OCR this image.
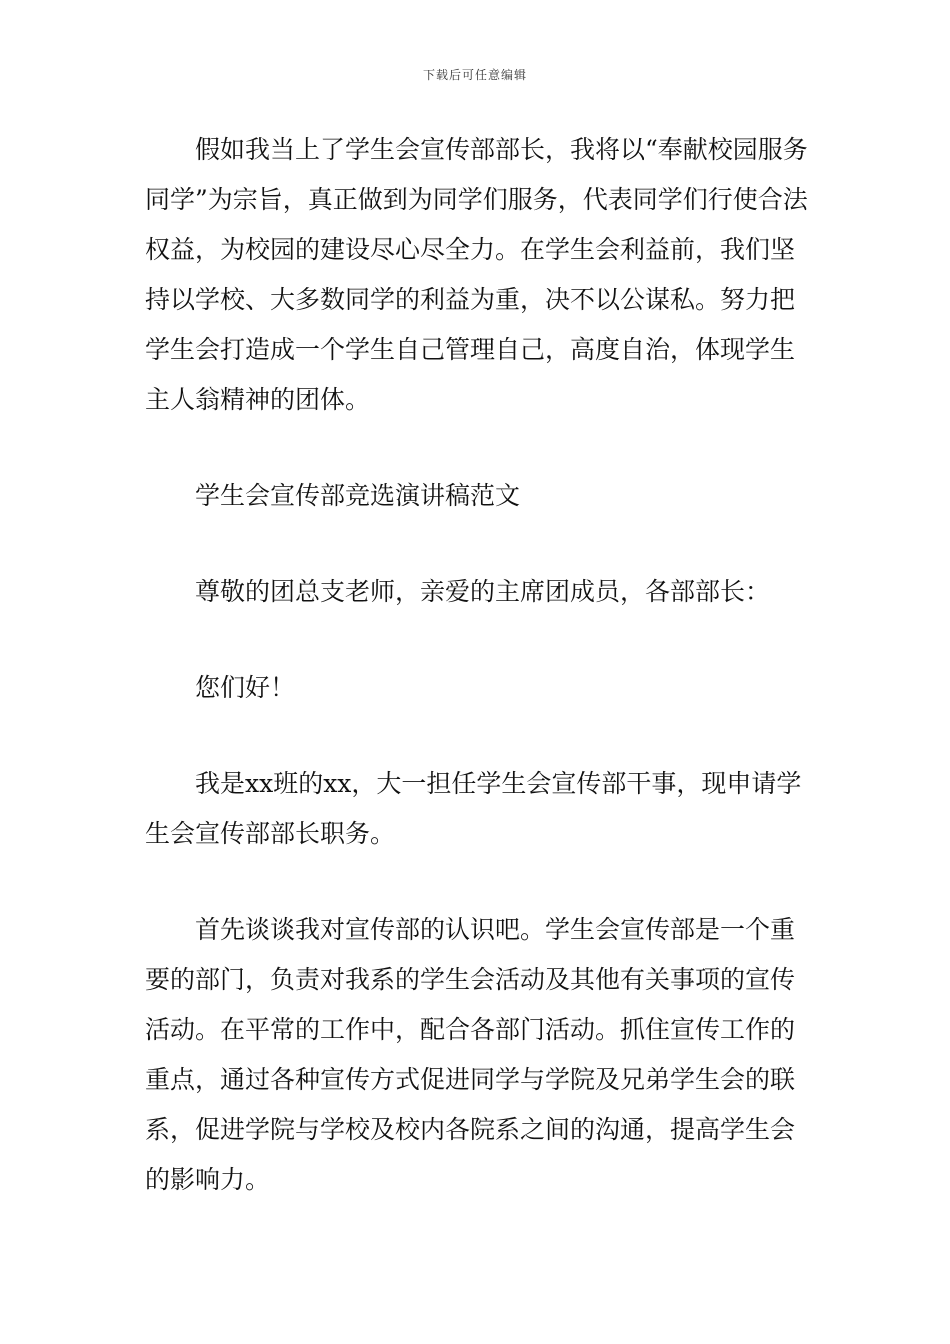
下载后可任意编辑

假如我当上了学生会宣传部部长，我将以“奉献校园服务同学”为宗旨，真正做到为同学们服务，代表同学们行使合法权益，为校园的建设尽心尽全力。在学生会利益前，我们坚持以学校、大多数同学的利益为重，决不以公谋私。努力把学生会打造成一个学生自己管理自己，高度自治，体现学生主人翁精神的团体。

学生会宣传部竞选演讲稿范文

尊敬的团总支老师，亲爱的主席团成员，各部部长：

您们好！

我是xx班的xx，大一担任学生会宣传部干事，现申请学生会宣传部部长职务。

首先谈谈我对宣传部的认识吧。学生会宣传部是一个重要的部门，负责对我系的学生会活动及其他有关事项的宣传活动。在平常的工作中，配合各部门活动。抓住宣传工作的重点，通过各种宣传方式促进同学与学院及兄弟学生会的联系，促进学院与学校及校内各院系之间的沟通，提高学生会的影响力。
